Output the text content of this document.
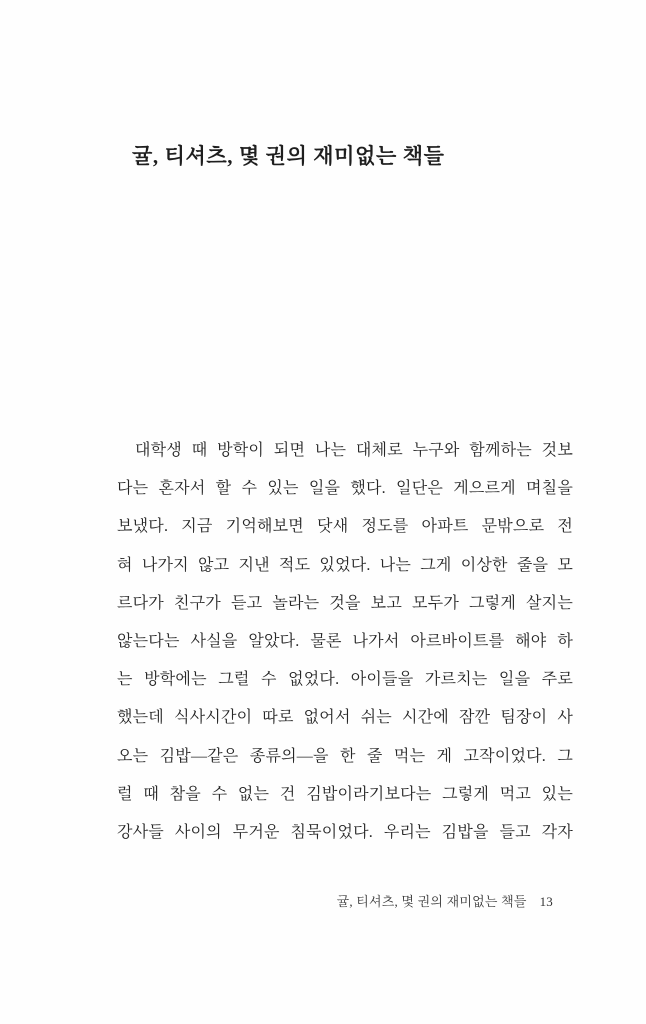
귤, 티셔츠, 몇 권의 재미없는 책들
대학생 때 방학이 되면 나는 대체로 누구와 함께하는 것보
다는 혼자서 할 수 있는 일을 했다. 일단은 게으르게 며칠을
보냈다. 지금 기억해보면 닷새 정도를 아파트 문밖으로 전
혀 나가지 않고 지낸 적도 있었다. 나는 그게 이상한 줄을 모
르다가 친구가 듣고 놀라는 것을 보고 모두가 그렇게 살지는
않는다는 사실을 알았다. 물론 나가서 아르바이트를 해야 하
는 방학에는 그럴 수 없었다. 아이들을 가르치는 일을 주로
했는데 식사시간이 따로 없어서 쉬는 시간에 잠깐 팀장이 사
오는 김밥—같은 종류의—을 한 줄 먹는 게 고작이었다. 그
럴 때 참을 수 없는 건 김밥이라기보다는 그렇게 먹고 있는
강사들 사이의 무거운 침묵이었다. 우리는 김밥을 들고 각자
귤, 티셔츠, 몇 권의 재미없는 책들 13
